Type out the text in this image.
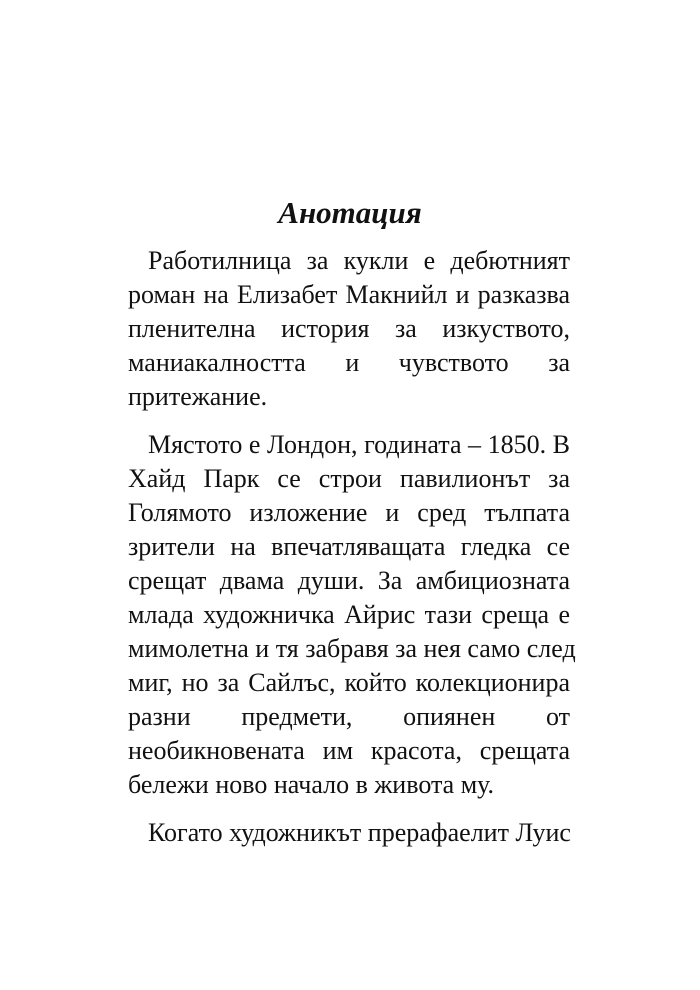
Анотация
Работилница за кукли е дебютният
роман на Елизабет Макнийл и разказва
пленителна история за изкуството,
маниакалността и чувството за
притежание.
Мястото е Лондон, годината – 1850. В
Хайд Парк се строи павилионът за
Голямото изложение и сред тълпата
зрители на впечатляващата гледка се
срещат двама души. За амбициозната
млада художничка Айрис тази среща е
мимолетна и тя забравя за нея само след
миг, но за Сайлъс, който колекционира
разни предмети, опиянен от
необикновената им красота, срещата
бележи ново начало в живота му.
Когато художникът прерафаелит Луис
